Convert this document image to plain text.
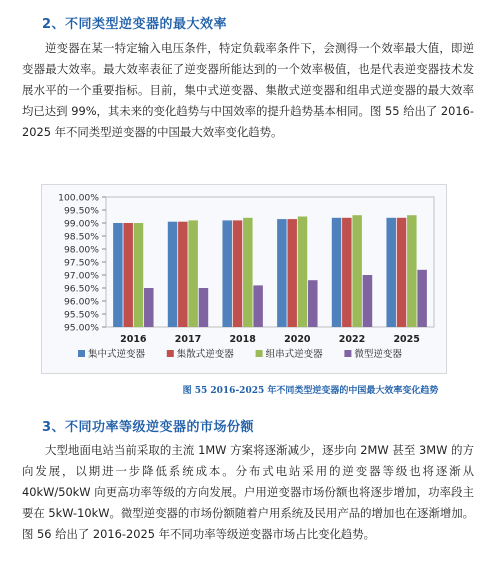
2、不同类型逆变器的最大效率
逆变器在某一特定输入电压条件，特定负载率条件下，会测得一个效率最大值，即逆变器最大效率。最大效率表征了逆变器所能达到的一个效率极值，也是代表逆变器技术发展水平的一个重要指标。目前，集中式逆变器、集散式逆变器和组串式逆变器的最大效率均已达到 99%，其未来的变化趋势与中国效率的提升趋势基本相同。图 55 给出了 2016-2025 年不同类型逆变器的中国最大效率变化趋势。
100.00%
99.50%
99.00%
98.50%
98.00%
97.50%
97.00%
96.50%
96.00%
95.50%
95.00%
2016	2017	2018	2020	2022	2025
集中式逆变器	集散式逆变器	组串式逆变器	微型逆变器
图 55 2016-2025 年不同类型逆变器的中国最大效率变化趋势
3、不同功率等级逆变器的市场份额
大型地面电站当前采取的主流 1MW 方案将逐渐减少，逐步向 2MW 甚至 3MW 的方向发展，以期进一步降低系统成本。分布式电站采用的逆变器等级也将逐渐从 40kW/50kW 向更高功率等级的方向发展。户用逆变器市场份额也将逐步增加，功率段主要在 5kW-10kW。微型逆变器的市场份额随着户用系统及民用产品的增加也在逐渐增加。图 56 给出了 2016-2025 年不同功率等级逆变器市场占比变化趋势。
